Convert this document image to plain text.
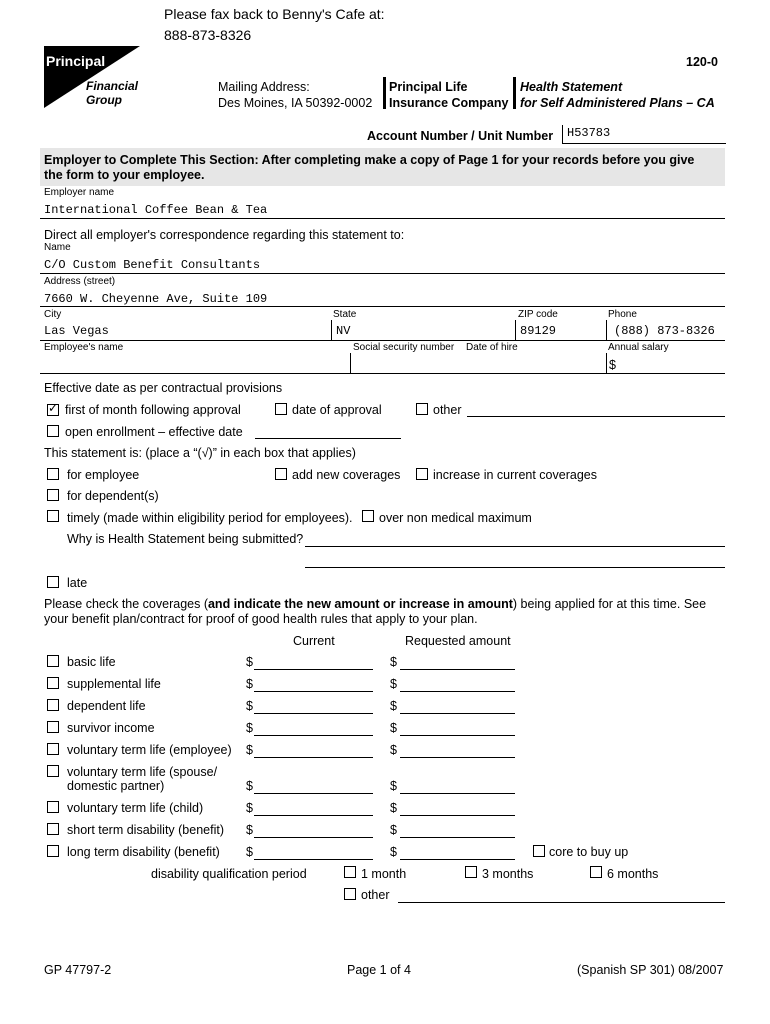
Please fax back to Benny's Cafe at:
888-873-8326
Principal
Financial
Group
120-0
Mailing Address:
Des Moines, IA 50392-0002
Principal Life
Insurance Company
Health Statement
for Self Administered Plans – CA
Account Number / Unit Number H53783
Employer to Complete This Section: After completing make a copy of Page 1 for your records before you give
the form to your employee.
Employer name
International Coffee Bean & Tea
Direct all employer's correspondence regarding this statement to:
Name
C/O Custom Benefit Consultants
Address (street)
7660 W. Cheyenne Ave, Suite 109
City	State	ZIP code	Phone
Las Vegas	NV	89129	(888) 873-8326
Employee's name	Social security number Date of hire	Annual salary
$
Effective date as per contractual provisions
✓ first of month following approval	date of approval	other
open enrollment – effective date
This statement is: (place a “(√)” in each box that applies)
for employee	add new coverages	increase in current coverages
for dependent(s)
timely (made within eligibility period for employees). over non medical maximum
Why is Health Statement being submitted?
late
Please check the coverages (and indicate the new amount or increase in amount) being applied for at this time. See
your benefit plan/contract for proof of good health rules that apply to your plan.
Current	Requested amount
basic life	$	$
supplemental life	$	$
dependent life	$	$
survivor income	$	$
voluntary term life (employee) $	$
voluntary term life (spouse/
domestic partner)	$	$
voluntary term life (child)	$	$
short term disability (benefit) $	$
long term disability (benefit) $	$	core to buy up
disability qualification period	1 month	3 months	6 months
other
GP 47797-2	Page 1 of 4	(Spanish SP 301) 08/2007
